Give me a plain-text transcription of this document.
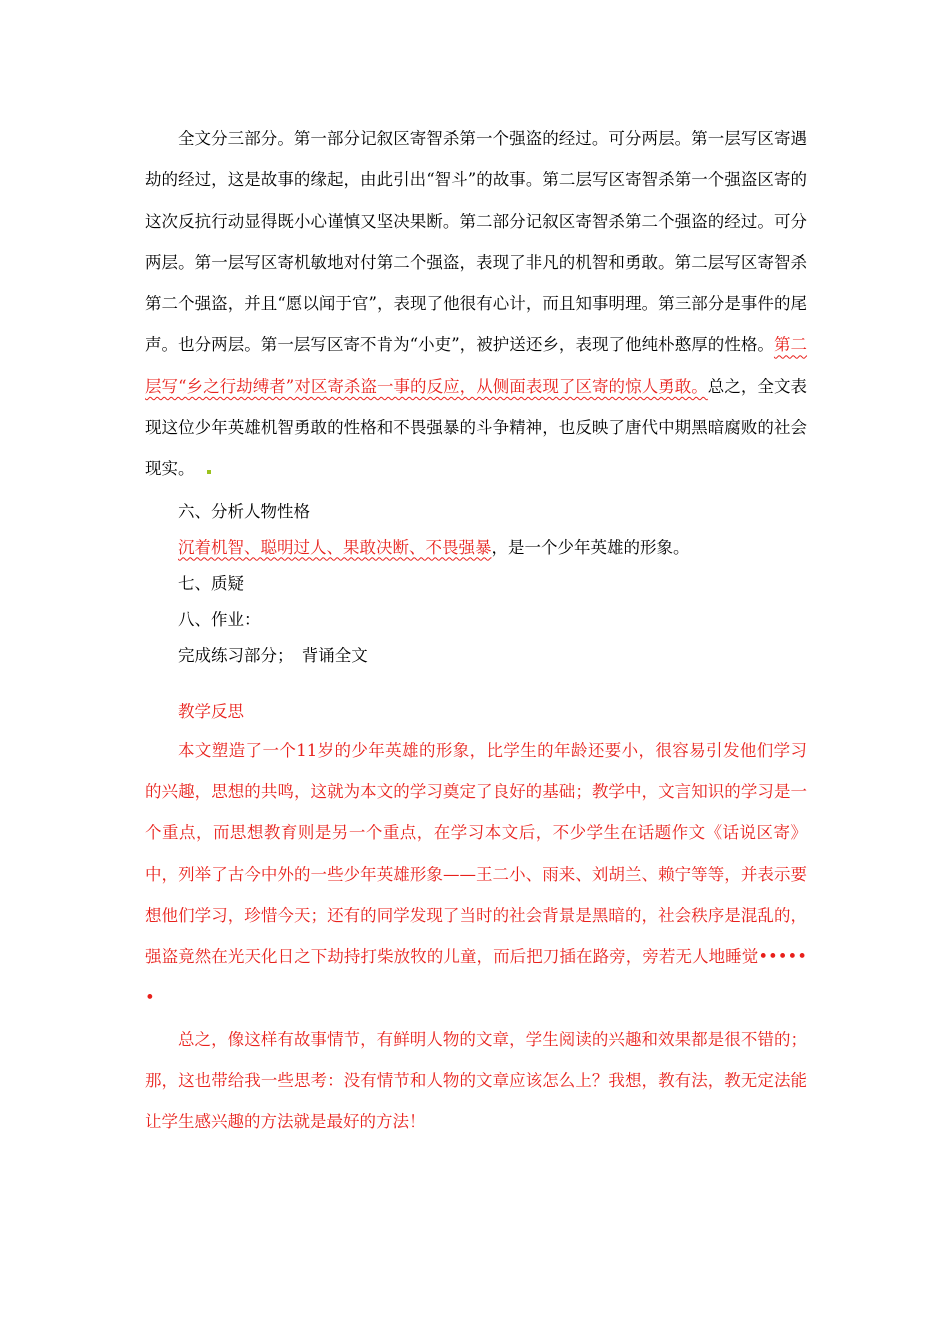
全文分三部分。第一部分记叙区寄智杀第一个强盗的经过。可分两层。第一层写区寄遇劫的经过，这是故事的缘起，由此引出“智斗”的故事。第二层写区寄智杀第一个强盗区寄的这次反抗行动显得既小心谨慎又坚决果断。第二部分记叙区寄智杀第二个强盗的经过。可分两层。第一层写区寄机敏地对付第二个强盗，表现了非凡的机智和勇敢。第二层写区寄智杀第二个强盗，并且“愿以闻于官”，表现了他很有心计，而且知事明理。第三部分是事件的尾声。也分两层。第一层写区寄不肯为“小吏”，被护送还乡，表现了他纯朴憨厚的性格。第二层写“乡之行劫缚者”对区寄杀盗一事的反应，从侧面表现了区寄的惊人勇敢。总之，全文表现这位少年英雄机智勇敢的性格和不畏强暴的斗争精神，也反映了唐代中期黑暗腐败的社会现实。

六、分析人物性格

沉着机智、聪明过人、果敢决断、不畏强暴，是一个少年英雄的形象。

七、质疑

八、作业：

完成练习部分；　背诵全文

教学反思

本文塑造了一个11岁的少年英雄的形象，比学生的年龄还要小，很容易引发他们学习的兴趣，思想的共鸣，这就为本文的学习奠定了良好的基础；教学中，文言知识的学习是一个重点，而思想教育则是另一个重点，在学习本文后，不少学生在话题作文《话说区寄》中，列举了古今中外的一些少年英雄形象——王二小、雨来、刘胡兰、赖宁等等，并表示要想他们学习，珍惜今天；还有的同学发现了当时的社会背景是黑暗的，社会秩序是混乱的，强盗竟然在光天化日之下劫持打柴放牧的儿童，而后把刀插在路旁，旁若无人地睡觉••••••

总之，像这样有故事情节，有鲜明人物的文章，学生阅读的兴趣和效果都是很不错的；那，这也带给我一些思考：没有情节和人物的文章应该怎么上？我想，教有法，教无定法能让学生感兴趣的方法就是最好的方法！
